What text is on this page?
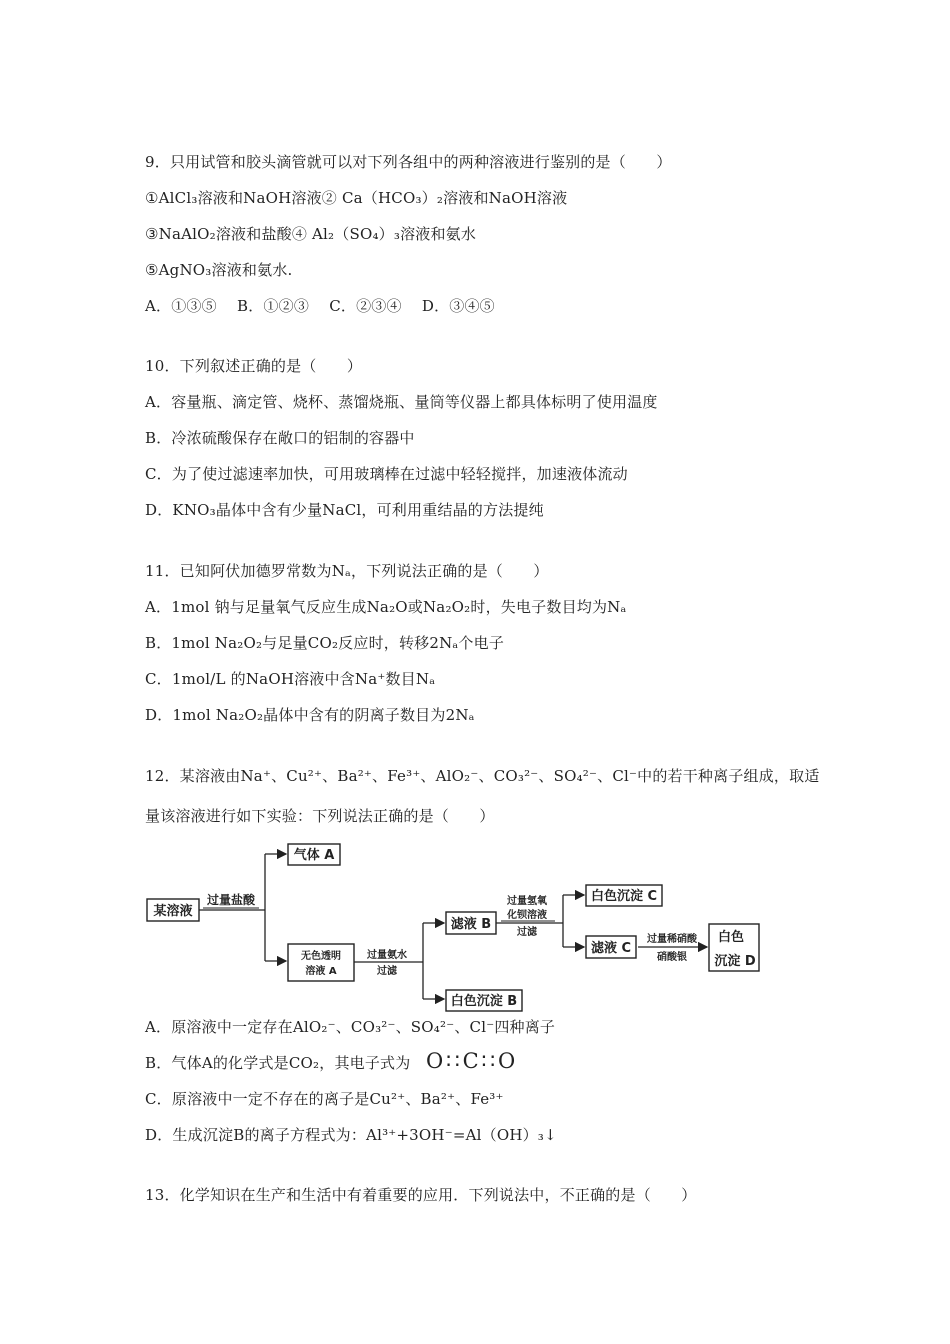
9．只用试管和胶头滴管就可以对下列各组中的两种溶液进行鉴别的是（　　）
①AlCl₃溶液和NaOH溶液② Ca（HCO₃）₂溶液和NaOH溶液
③NaAlO₂溶液和盐酸④ Al₂（SO₄）₃溶液和氨水
⑤AgNO₃溶液和氨水.
A．①③⑤　 B．①②③　 C．②③④　 D．③④⑤
10．下列叙述正确的是（　　）
A．容量瓶、滴定管、烧杯、蒸馏烧瓶、量筒等仪器上都具体标明了使用温度
B．冷浓硫酸保存在敞口的铝制的容器中
C．为了使过滤速率加快，可用玻璃棒在过滤中轻轻搅拌，加速液体流动
D．KNO₃晶体中含有少量NaCl，可利用重结晶的方法提纯
11．已知阿伏加德罗常数为Nₐ，下列说法正确的是（　　）
A．1mol 钠与足量氧气反应生成Na₂O或Na₂O₂时，失电子数目均为Nₐ
B．1mol Na₂O₂与足量CO₂反应时，转移2Nₐ个电子
C．1mol/L 的NaOH溶液中含Na⁺数目Nₐ
D．1mol Na₂O₂晶体中含有的阴离子数目为2Nₐ
12．某溶液由Na⁺、Cu²⁺、Ba²⁺、Fe³⁺、AlO₂⁻、CO₃²⁻、SO₄²⁻、Cl⁻中的若干种离子组成，取适
量该溶液进行如下实验：下列说法正确的是（　　）
某溶液
过量盐酸
气体 A
无色透明
溶液 A
过量氨水
过滤
滤液 B
白色沉淀 B
过量氢氧
化钡溶液
过滤
白色沉淀 C
滤液 C
过量稀硝酸
硝酸银
白色
沉淀 D
A．原溶液中一定存在AlO₂⁻、CO₃²⁻、SO₄²⁻、Cl⁻四种离子
B．气体A的化学式是CO₂，其电子式为 O∷C∷O
C．原溶液中一定不存在的离子是Cu²⁺、Ba²⁺、Fe³⁺
D．生成沉淀B的离子方程式为：Al³⁺+3OH⁻=Al（OH）₃↓
13．化学知识在生产和生活中有着重要的应用．下列说法中，不正确的是（　　）
